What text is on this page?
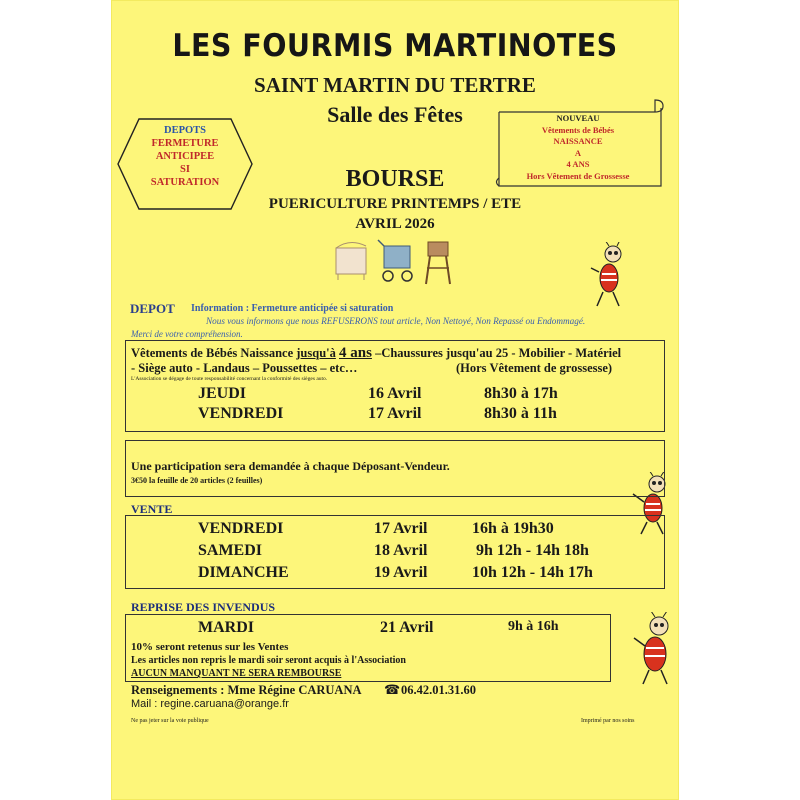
LES FOURMIS MARTINOTES
SAINT MARTIN DU TERTRE
Salle des Fêtes
DEPOTS
FERMETURE
ANTICIPEE
SI
SATURATION
NOUVEAU
Vêtements de Bébés
NAISSANCE
A
4 ANS
Hors Vêtement de Grossesse
BOURSE
PUERICULTURE PRINTEMPS / ETE
AVRIL 2026
DEPOT Information : Fermeture anticipée si saturation
Nous vous informons que nous REFUSERONS tout article, Non Nettoyé, Non Repassé ou Endommagé.
Merci de votre compréhension.
Vêtements de Bébés Naissance jusqu'à 4 ans –Chaussures jusqu'au 25 - Mobilier - Matériel
- Siège auto - Landaus – Poussettes – etc…	(Hors Vêtement de grossesse)
L'Association se dégage de toute responsabilité concernant la conformité des sièges auto.
JEUDI	16 Avril	8h30 à 17h
VENDREDI	17 Avril	8h30 à 11h
Une participation sera demandée à chaque Déposant-Vendeur.
3€50 la feuille de 20 articles (2 feuilles)
VENTE
VENDREDI	17 Avril	16h à 19h30
SAMEDI	18 Avril	9h 12h - 14h 18h
DIMANCHE	19 Avril	10h 12h - 14h 17h
REPRISE DES INVENDUS
MARDI	21 Avril	9h à 16h
10% seront retenus sur les Ventes
Les articles non repris le mardi soir seront acquis à l'Association
AUCUN MANQUANT NE SERA REMBOURSE
Renseignements : Mme Régine CARUANA ☎ 06.42.01.31.60
Mail : regine.caruana@orange.fr
Ne pas jeter sur la voie publique	Imprimé par nos soins
